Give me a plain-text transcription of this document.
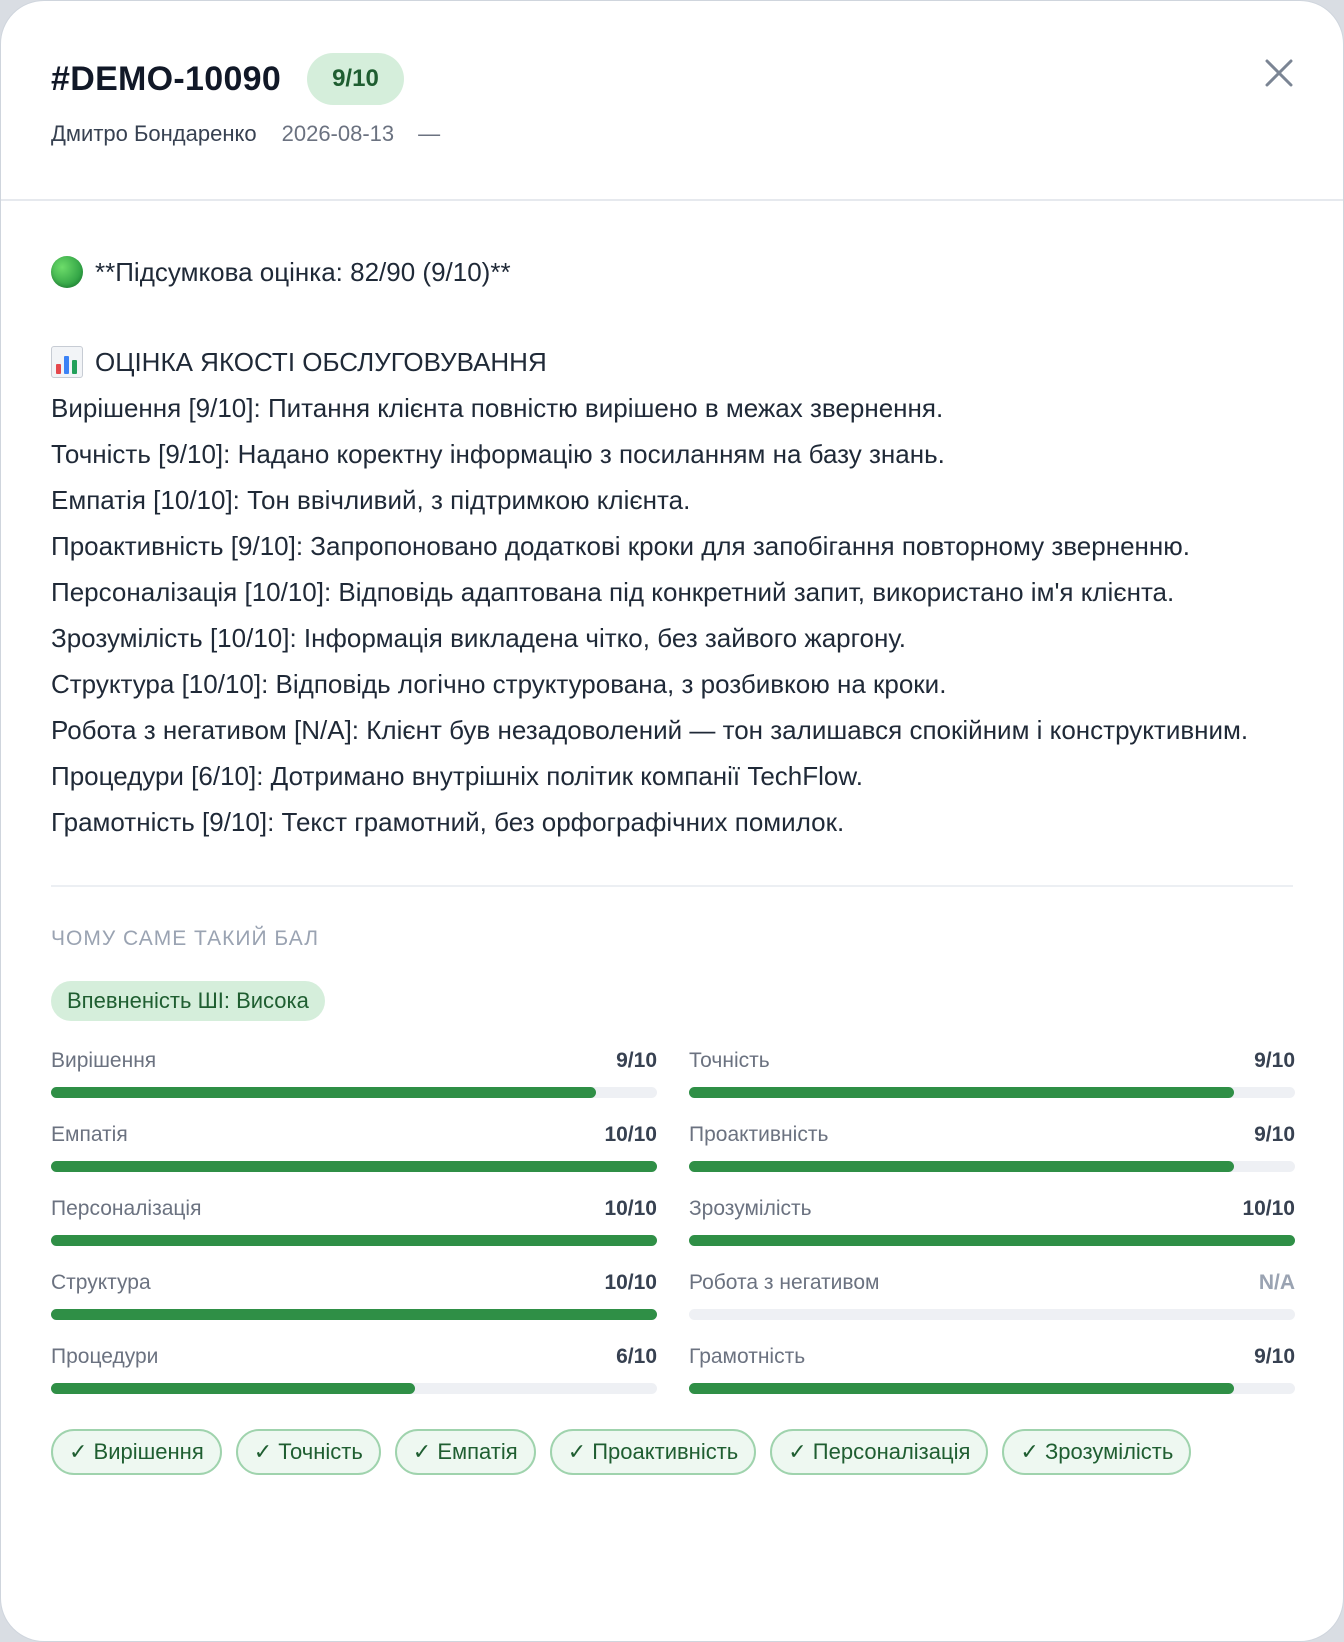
#DEMO-10090	9/10
Дмитро Бондаренко 2026-08-13 —
**Підсумкова оцінка: 82/90 (9/10)**
ОЦІНКА ЯКОСТІ ОБСЛУГОВУВАННЯ
Вирішення [9/10]: Питання клієнта повністю вирішено в межах звернення.
Точність [9/10]: Надано коректну інформацію з посиланням на базу знань.
Емпатія [10/10]: Тон ввічливий, з підтримкою клієнта.
Проактивність [9/10]: Запропоновано додаткові кроки для запобігання повторному зверненню.
Персоналізація [10/10]: Відповідь адаптована під конкретний запит, використано ім'я клієнта.
Зрозумілість [10/10]: Інформація викладена чітко, без зайвого жаргону.
Структура [10/10]: Відповідь логічно структурована, з розбивкою на кроки.
Робота з негативом [N/A]: Клієнт був незадоволений — тон залишався спокійним і конструктивним.
Процедури [6/10]: Дотримано внутрішніх політик компанії TechFlow.
Грамотність [9/10]: Текст грамотний, без орфографічних помилок.
ЧОМУ САМЕ ТАКИЙ БАЛ
Впевненість ШІ: Висока
Вирішення	9/10 Точність	9/10
Емпатія	10/10 Проактивність	9/10
Персоналізація	10/10 Зрозумілість	10/10
Структура	10/10 Робота з негативом	N/A
Процедури	6/10 Грамотність	9/10
✓ Вирішення	✓ Точність	✓ Емпатія	✓ Проактивність	✓ Персоналізація	✓ Зрозумілість
